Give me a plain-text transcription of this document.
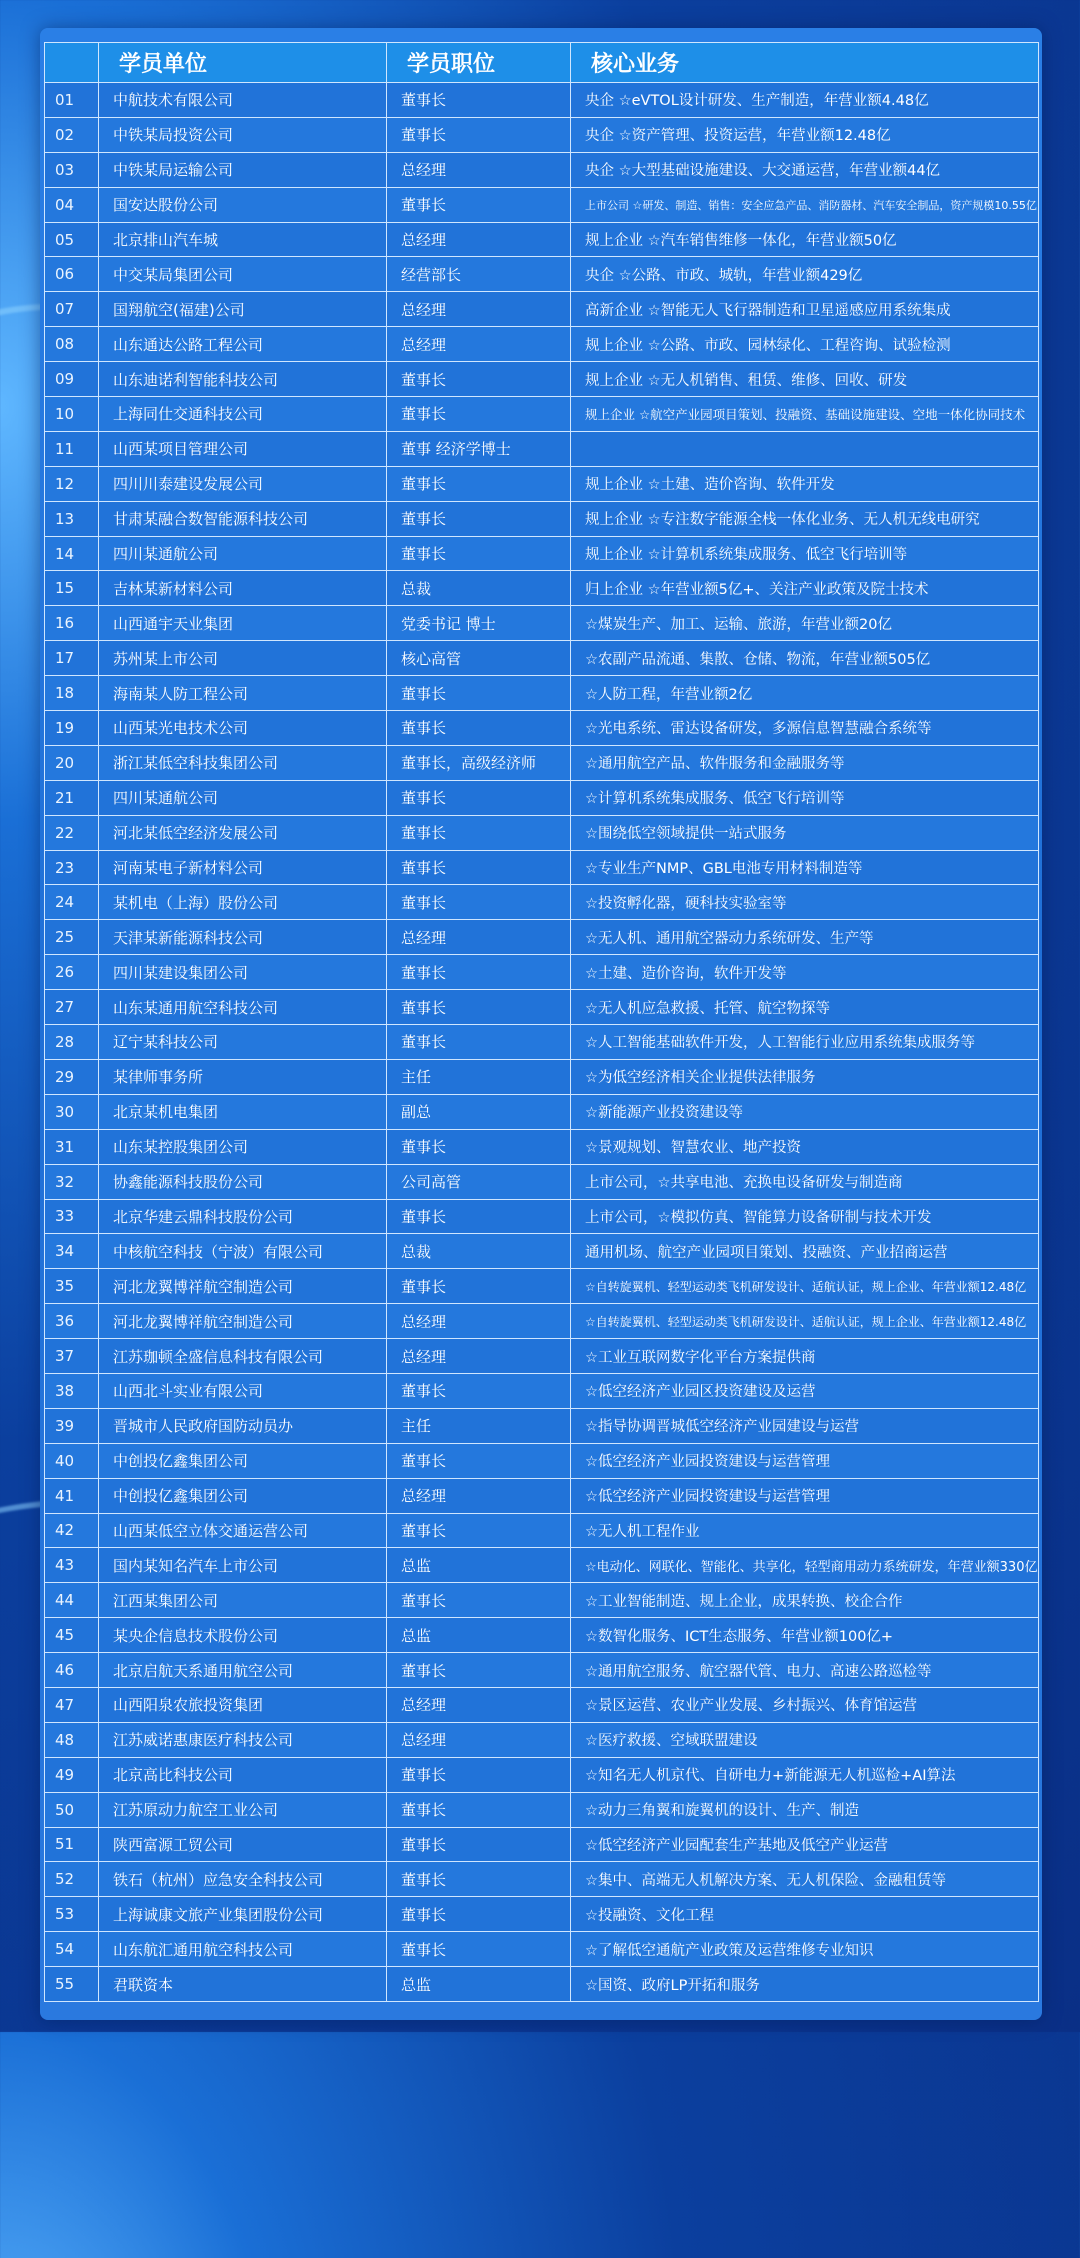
	学员单位	学员职位	核心业务
01	中航技术有限公司	董事长	央企 ☆eVTOL设计研发、生产制造，年营业额4.48亿
02	中铁某局投资公司	董事长	央企 ☆资产管理、投资运营，年营业额12.48亿
03	中铁某局运输公司	总经理	央企 ☆大型基础设施建设、大交通运营，年营业额44亿
04	国安达股份公司	董事长	上市公司 ☆研发、制造、销售：安全应急产品、消防器材、汽车安全制品，资产规模10.55亿
05	北京排山汽车城	总经理	规上企业 ☆汽车销售维修一体化，年营业额50亿
06	中交某局集团公司	经营部长	央企 ☆公路、市政、城轨，年营业额429亿
07	国翔航空(福建)公司	总经理	高新企业 ☆智能无人飞行器制造和卫星遥感应用系统集成
08	山东通达公路工程公司	总经理	规上企业 ☆公路、市政、园林绿化、工程咨询、试验检测
09	山东迪诺利智能科技公司	董事长	规上企业 ☆无人机销售、租赁、维修、回收、研发
10	上海同仕交通科技公司	董事长	规上企业 ☆航空产业园项目策划、投融资、基础设施建设、空地一体化协同技术
11	山西某项目管理公司	董事 经济学博士	
12	四川川泰建设发展公司	董事长	规上企业 ☆土建、造价咨询、软件开发
13	甘肃某融合数智能源科技公司	董事长	规上企业 ☆专注数字能源全栈一体化业务、无人机无线电研究
14	四川某通航公司	董事长	规上企业 ☆计算机系统集成服务、低空飞行培训等
15	吉林某新材料公司	总裁	归上企业 ☆年营业额5亿+、关注产业政策及院士技术
16	山西通宇天业集团	党委书记 博士	☆煤炭生产、加工、运输、旅游，年营业额20亿
17	苏州某上市公司	核心高管	☆农副产品流通、集散、仓储、物流，年营业额505亿
18	海南某人防工程公司	董事长	☆人防工程，年营业额2亿
19	山西某光电技术公司	董事长	☆光电系统、雷达设备研发，多源信息智慧融合系统等
20	浙江某低空科技集团公司	董事长，高级经济师	☆通用航空产品、软件服务和金融服务等
21	四川某通航公司	董事长	☆计算机系统集成服务、低空飞行培训等
22	河北某低空经济发展公司	董事长	☆围绕低空领域提供一站式服务
23	河南某电子新材料公司	董事长	☆专业生产NMP、GBL电池专用材料制造等
24	某机电（上海）股份公司	董事长	☆投资孵化器，硬科技实验室等
25	天津某新能源科技公司	总经理	☆无人机、通用航空器动力系统研发、生产等
26	四川某建设集团公司	董事长	☆土建、造价咨询，软件开发等
27	山东某通用航空科技公司	董事长	☆无人机应急救援、托管、航空物探等
28	辽宁某科技公司	董事长	☆人工智能基础软件开发，人工智能行业应用系统集成服务等
29	某律师事务所	主任	☆为低空经济相关企业提供法律服务
30	北京某机电集团	副总	☆新能源产业投资建设等
31	山东某控股集团公司	董事长	☆景观规划、智慧农业、地产投资
32	协鑫能源科技股份公司	公司高管	上市公司，☆共享电池、充换电设备研发与制造商
33	北京华建云鼎科技股份公司	董事长	上市公司，☆模拟仿真、智能算力设备研制与技术开发
34	中核航空科技（宁波）有限公司	总裁	通用机场、航空产业园项目策划、投融资、产业招商运营
35	河北龙翼博祥航空制造公司	董事长	☆自转旋翼机、轻型运动类飞机研发设计、适航认证，规上企业、年营业额12.48亿
36	河北龙翼博祥航空制造公司	总经理	☆自转旋翼机、轻型运动类飞机研发设计、适航认证，规上企业、年营业额12.48亿
37	江苏珈顿全盛信息科技有限公司	总经理	☆工业互联网数字化平台方案提供商
38	山西北斗实业有限公司	董事长	☆低空经济产业园区投资建设及运营
39	晋城市人民政府国防动员办	主任	☆指导协调晋城低空经济产业园建设与运营
40	中创投亿鑫集团公司	董事长	☆低空经济产业园投资建设与运营管理
41	中创投亿鑫集团公司	总经理	☆低空经济产业园投资建设与运营管理
42	山西某低空立体交通运营公司	董事长	☆无人机工程作业
43	国内某知名汽车上市公司	总监	☆电动化、网联化、智能化、共享化，轻型商用动力系统研发，年营业额330亿
44	江西某集团公司	董事长	☆工业智能制造、规上企业，成果转换、校企合作
45	某央企信息技术股份公司	总监	☆数智化服务、ICT生态服务、年营业额100亿+
46	北京启航天系通用航空公司	董事长	☆通用航空服务、航空器代管、电力、高速公路巡检等
47	山西阳泉农旅投资集团	总经理	☆景区运营、农业产业发展、乡村振兴、体育馆运营
48	江苏威诺惠康医疗科技公司	总经理	☆医疗救援、空域联盟建设
49	北京高比科技公司	董事长	☆知名无人机京代、自研电力+新能源无人机巡检+AI算法
50	江苏原动力航空工业公司	董事长	☆动力三角翼和旋翼机的设计、生产、制造
51	陕西富源工贸公司	董事长	☆低空经济产业园配套生产基地及低空产业运营
52	铁石（杭州）应急安全科技公司	董事长	☆集中、高端无人机解决方案、无人机保险、金融租赁等
53	上海诚康文旅产业集团股份公司	董事长	☆投融资、文化工程
54	山东航汇通用航空科技公司	董事长	☆了解低空通航产业政策及运营维修专业知识
55	君联资本	总监	☆国资、政府LP开拓和服务
